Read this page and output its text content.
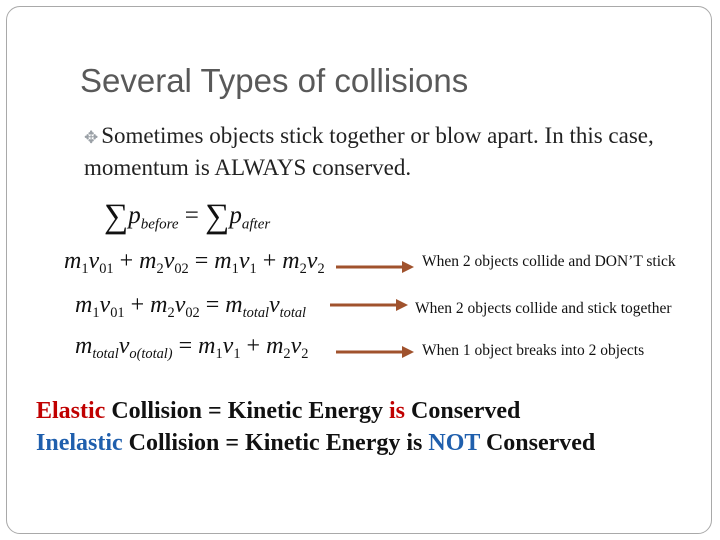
Several Types of collisions
✥ Sometimes objects stick together or blow apart. In this case, momentum is ALWAYS conserved.
$\sum p_{before} = \sum p_{after}$
$m_1v_{01} + m_2v_{02} = m_1v_1 + m_2v_2$	When 2 objects collide and DON’T stick
$m_1v_{01} + m_2v_{02} = m_{total}v_{total}$	When 2 objects collide and stick together
$m_{total}v_{o(total)} = m_1v_1 + m_2v_2$	When 1 object breaks into 2 objects
Elastic Collision = Kinetic Energy is Conserved
Inelastic Collision = Kinetic Energy is NOT Conserved
